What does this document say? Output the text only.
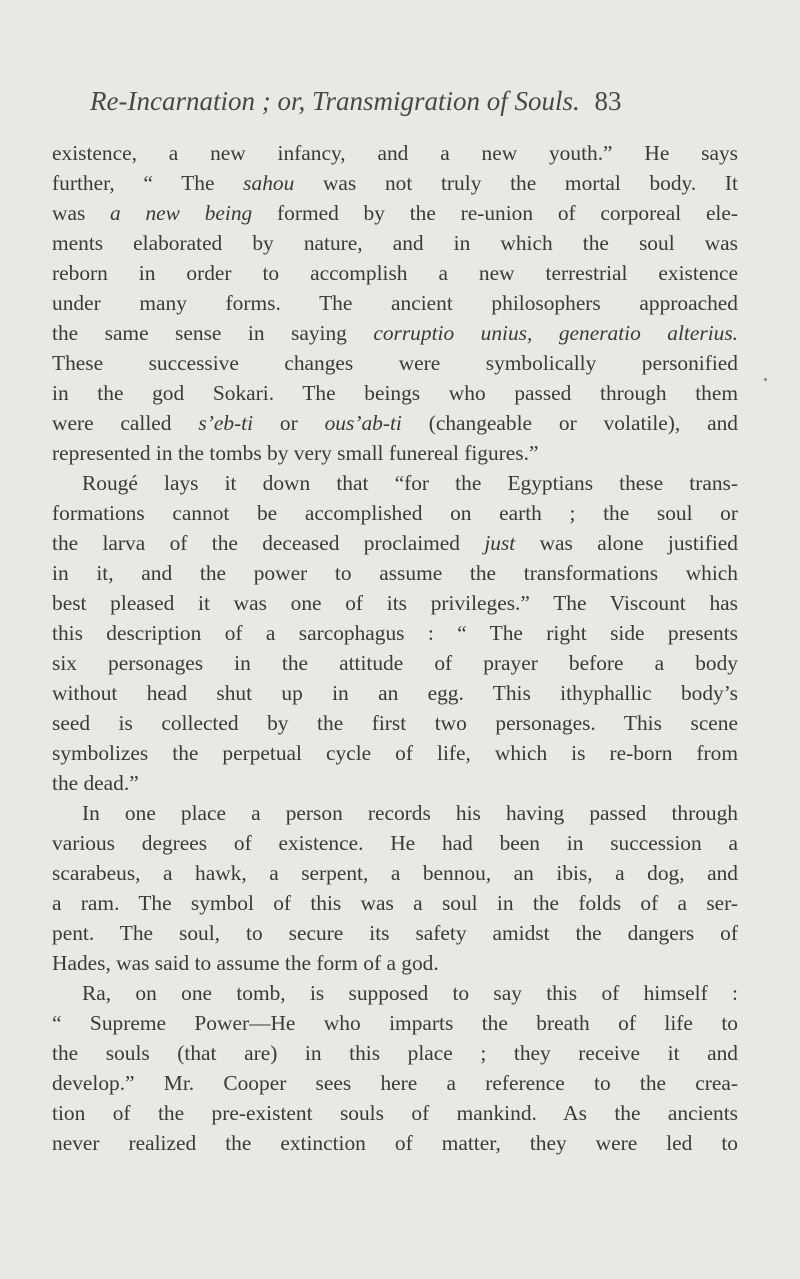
Re-Incarnation ; or, Transmigration of Souls. 83

existence, a new infancy, and a new youth.” He says
further, “ The sahou was not truly the mortal body. It
was a new being formed by the re-union of corporeal ele-
ments elaborated by nature, and in which the soul was
reborn in order to accomplish a new terrestrial existence
under many forms. The ancient philosophers approached
the same sense in saying corruptio unius, generatio alterius.
These successive changes were symbolically personified
in the god Sokari. The beings who passed through them
were called s’eb-ti or ous’ab-ti (changeable or volatile), and
represented in the tombs by very small funereal figures.”

Rougé lays it down that “for the Egyptians these trans-
formations cannot be accomplished on earth ; the soul or
the larva of the deceased proclaimed just was alone justified
in it, and the power to assume the transformations which
best pleased it was one of its privileges.” The Viscount has
this description of a sarcophagus : “ The right side presents
six personages in the attitude of prayer before a body
without head shut up in an egg. This ithyphallic body’s
seed is collected by the first two personages. This scene
symbolizes the perpetual cycle of life, which is re-born from
the dead.”

In one place a person records his having passed through
various degrees of existence. He had been in succession a
scarabeus, a hawk, a serpent, a bennou, an ibis, a dog, and
a ram. The symbol of this was a soul in the folds of a ser-
pent. The soul, to secure its safety amidst the dangers of
Hades, was said to assume the form of a god.

Ra, on one tomb, is supposed to say this of himself :
“ Supreme Power—He who imparts the breath of life to
the souls (that are) in this place ; they receive it and
develop.” Mr. Cooper sees here a reference to the crea-
tion of the pre-existent souls of mankind. As the ancients
never realized the extinction of matter, they were led to
